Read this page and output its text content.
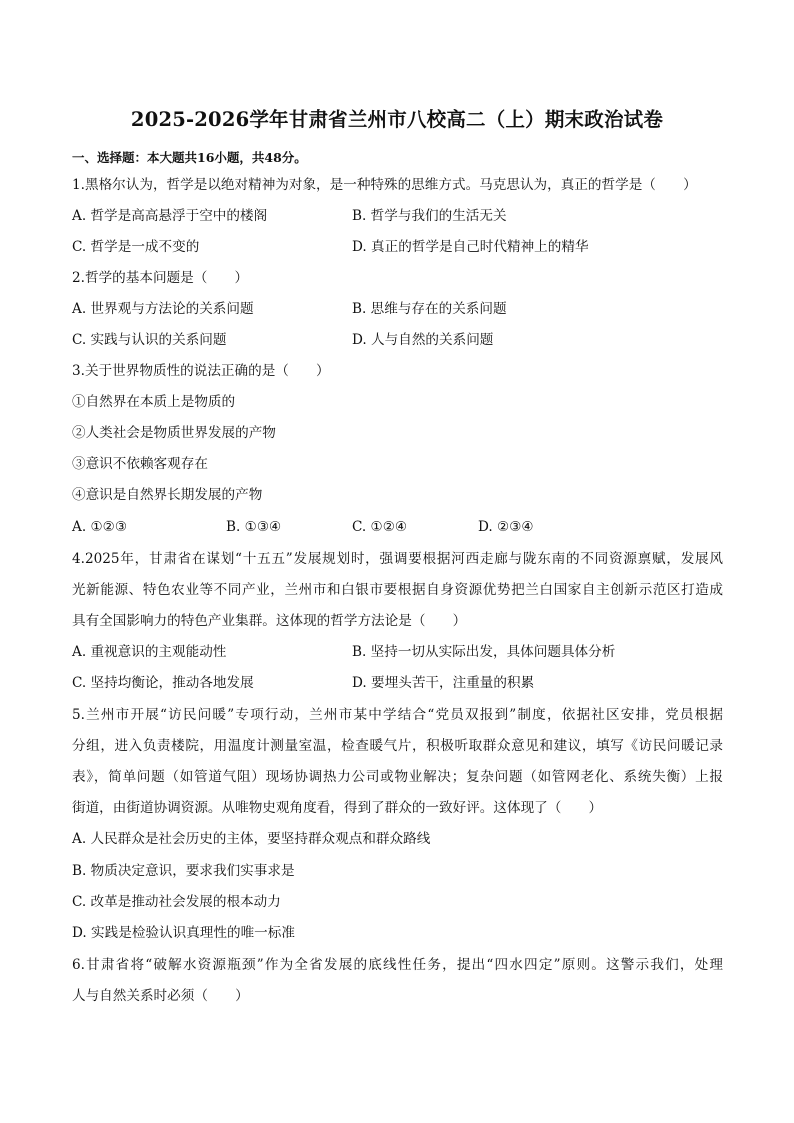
2025-2026学年甘肃省兰州市八校高二（上）期末政治试卷
一、选择题：本大题共16小题，共48分。
1.黑格尔认为，哲学是以绝对精神为对象，是一种特殊的思维方式。马克思认为，真正的哲学是（　　）
A. 哲学是高高悬浮于空中的楼阁	B. 哲学与我们的生活无关
C. 哲学是一成不变的	D. 真正的哲学是自己时代精神上的精华
2.哲学的基本问题是（　　）
A. 世界观与方法论的关系问题	B. 思维与存在的关系问题
C. 实践与认识的关系问题	D. 人与自然的关系问题
3.关于世界物质性的说法正确的是（　　）
①自然界在本质上是物质的
②人类社会是物质世界发展的产物
③意识不依赖客观存在
④意识是自然界长期发展的产物
A. ①②③	B. ①③④	C. ①②④	D. ②③④
4.2025年，甘肃省在谋划“十五五”发展规划时，强调要根据河西走廊与陇东南的不同资源禀赋，发展风
光新能源、特色农业等不同产业，兰州市和白银市要根据自身资源优势把兰白国家自主创新示范区打造成
具有全国影响力的特色产业集群。这体现的哲学方法论是（　　）
A. 重视意识的主观能动性	B. 坚持一切从实际出发，具体问题具体分析
C. 坚持均衡论，推动各地发展	D. 要埋头苦干，注重量的积累
5.兰州市开展“访民问暖”专项行动，兰州市某中学结合“党员双报到”制度，依据社区安排，党员根据
分组，进入负责楼院，用温度计测量室温，检查暖气片，积极听取群众意见和建议，填写《访民问暖记录
表》，简单问题（如管道气阻）现场协调热力公司或物业解决；复杂问题（如管网老化、系统失衡）上报
街道，由街道协调资源。从唯物史观角度看，得到了群众的一致好评。这体现了（　　）
A. 人民群众是社会历史的主体，要坚持群众观点和群众路线
B. 物质决定意识，要求我们实事求是
C. 改革是推动社会发展的根本动力
D. 实践是检验认识真理性的唯一标准
6.甘肃省将“破解水资源瓶颈”作为全省发展的底线性任务，提出“四水四定”原则。这警示我们，处理
人与自然关系时必须（　　）
